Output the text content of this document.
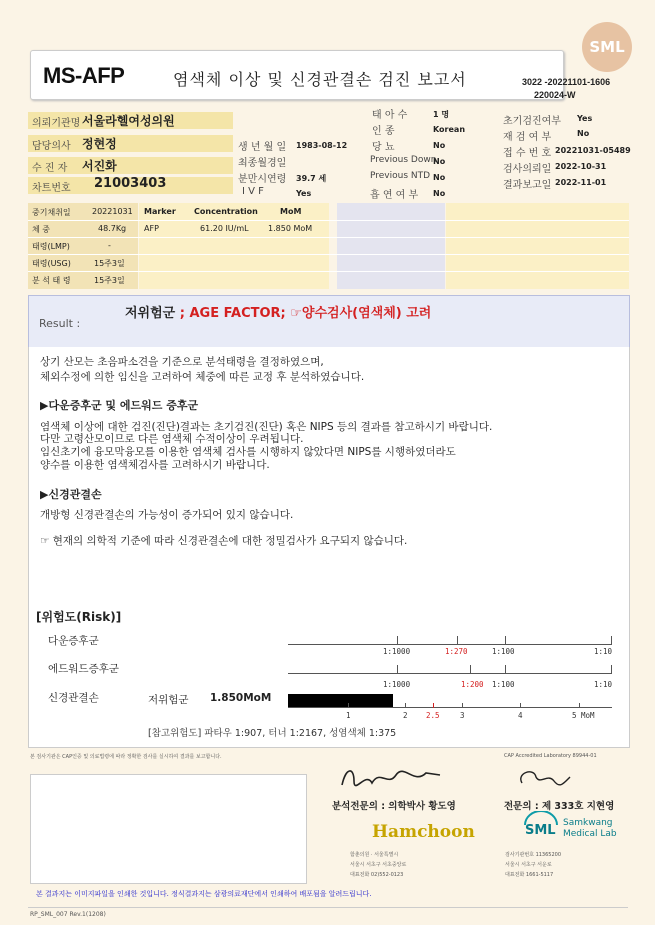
SML
MS-AFP	염색체 이상 및 신경관결손 검진 보고서	3022 -20221101-1606
220024-W
의뢰기관명 서울라헬여성의원
담당의사 정현정
수 진 자 서진화
차트번호 21003403
생 년 월 일 1983-08-12
최종월경일
분만시연령 39.7 세
I V F	Yes
태 아 수	1 명
인 종	Korean
당 뇨	No
Previous Down
No
Previous NTD No
흡 연 여 부 No
초기검진여부 Yes
재 검 여 부	No
접 수 번 호 20221031-05489
검사의뢰일 2022-10-31
결과보고일 2022-11-01
중기채취일	20221031
체 중	48.7Kg
태령(LMP)	-
태령(USG)	15주3일
분 석 태 령	15주3일
Marker Concentration	MoM
AFP	61.20 IU/mL 1.850 MoM
Result :
저위험군 ; AGE FACTOR; ☞양수검사(염색체) 고려
상기 산모는 초음파소견을 기준으로 분석태령을 결정하였으며,
체외수정에 의한 임신을 고려하여 체중에 따른 교정 후 분석하였습니다.
▶다운증후군 및 에드워드 증후군
염색체 이상에 대한 검진(진단)결과는 초기검진(진단) 혹은 NIPS 등의 결과를 참고하시기 바랍니다.
다만 고령산모이므로 다른 염색체 수적이상이 우려됩니다.
임신초기에 융모막융모를 이용한 염색체 검사를 시행하지 않았다면 NIPS를 시행하였더라도
양수를 이용한 염색체검사를 고려하시기 바랍니다.
▶신경관결손
개방형 신경관결손의 가능성이 증가되어 있지 않습니다.
☞ 현재의 의학적 기준에 따라 신경관결손에 대한 정밀검사가 요구되지 않습니다.
[위험도(Risk)]
다운증후군
1:1000	1:270	1:100	1:10
에드워드증후군
1:1000	1:200 1:100	1:10
신경관결손	저위험군 1.850MoM
1	2 2.5	3	4	5 MoM
[참고위험도] 파타우 1:907, 터너 1:2167, 성염색체 1:375
본 검사기관은 CAP인증 및 의료법령에 따라 정확한 검사를 실시하여 결과를 보고합니다.	CAP Accredited Laboratory 89944-01
분석전문의 : 의학박사 황도영	전문의 : 제 333호 지현영
Hamchoon	SML Samkwang
Medical Lab
함춘의원 · 서울특별시
서울시 서초구 서초중앙로
대표전화 02)552-0123
검사기관번호 11365200
서울시 서초구 서운로
대표전화 1661-5117
본 결과지는 이미지파일을 인쇄한 것입니다. 정식결과지는 삼광의료재단에서 인쇄하여 배포됨을 알려드립니다.
RP_SML_007 Rev.1(1208)
